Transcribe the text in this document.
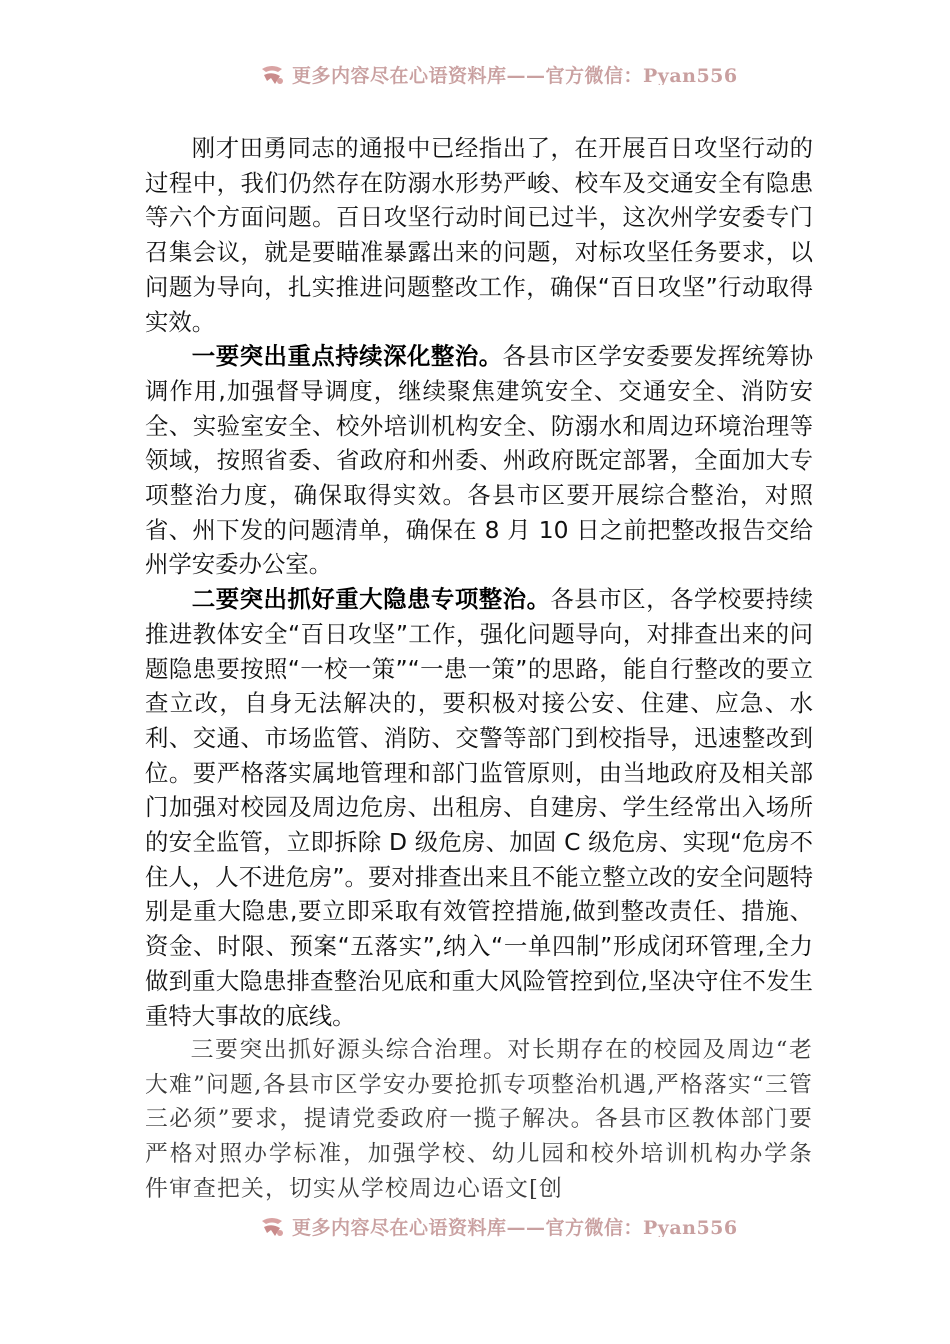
更多内容尽在心语资料库——官方微信：Pyan556

刚才田勇同志的通报中已经指出了，在开展百日攻坚行动的过程中，我们仍然存在防溺水形势严峻、校车及交通安全有隐患等六个方面问题。百日攻坚行动时间已过半，这次州学安委专门召集会议，就是要瞄准暴露出来的问题，对标攻坚任务要求，以问题为导向，扎实推进问题整改工作，确保“百日攻坚”行动取得实效。

一要突出重点持续深化整治。各县市区学安委要发挥统筹协调作用,加强督导调度，继续聚焦建筑安全、交通安全、消防安全、实验室安全、校外培训机构安全、防溺水和周边环境治理等领域，按照省委、省政府和州委、州政府既定部署，全面加大专项整治力度，确保取得实效。各县市区要开展综合整治，对照省、州下发的问题清单，确保在 8 月 10 日之前把整改报告交给州学安委办公室。

二要突出抓好重大隐患专项整治。各县市区，各学校要持续推进教体安全“百日攻坚”工作，强化问题导向，对排查出来的问题隐患要按照“一校一策”“一患一策”的思路，能自行整改的要立查立改，自身无法解决的，要积极对接公安、住建、应急、水利、交通、市场监管、消防、交警等部门到校指导，迅速整改到位。要严格落实属地管理和部门监管原则，由当地政府及相关部门加强对校园及周边危房、出租房、自建房、学生经常出入场所的安全监管，立即拆除 D 级危房、加固 C 级危房、实现“危房不住人，人不进危房”。要对排查出来且不能立整立改的安全问题特别是重大隐患,要立即采取有效管控措施,做到整改责任、措施、资金、时限、预案“五落实”,纳入“一单四制”形成闭环管理,全力做到重大隐患排查整治见底和重大风险管控到位,坚决守住不发生重特大事故的底线。

三要突出抓好源头综合治理。对长期存在的校园及周边“老大难”问题,各县市区学安办要抢抓专项整治机遇,严格落实“三管三必须”要求，提请党委政府一揽子解决。各县市区教体部门要严格对照办学标准，加强学校、幼儿园和校外培训机构办学条件审查把关，切实从学校周边心语文[创

更多内容尽在心语资料库——官方微信：Pyan556
